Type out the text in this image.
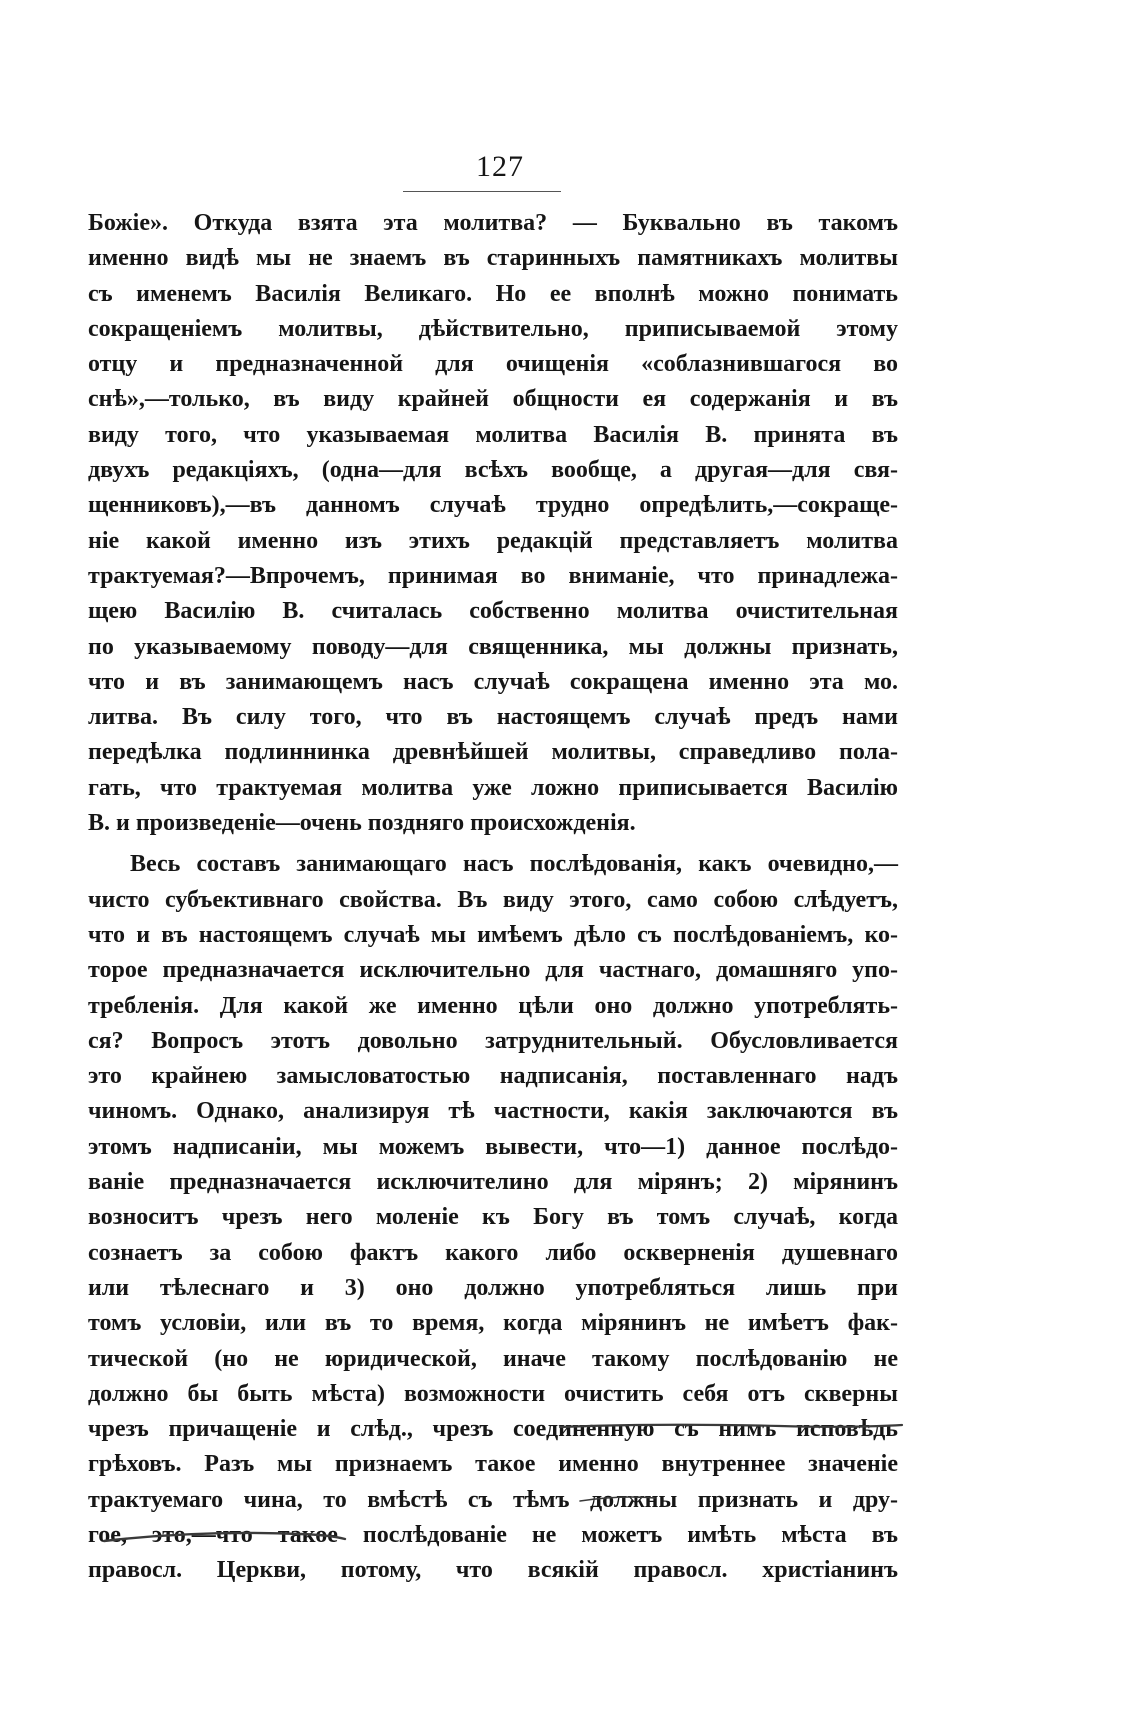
127
Божіе». Откуда взята эта молитва? — Буквально въ такомъ
именно видѣ мы не знаемъ въ старинныхъ памятникахъ молитвы
съ именемъ Василія Великаго. Но ее вполнѣ можно понимать
сокращеніемъ молитвы, дѣйствительно, приписываемой этому
отцу и предназначенной для очищенія «соблазнившагося во
снѣ»,—только, въ виду крайней общности ея содержанія и въ
виду того, что указываемая молитва Василія В. принята въ
двухъ редакціяхъ, (одна—для всѣхъ вообще, а другая—для свя-
щенниковъ),—въ данномъ случаѣ трудно опредѣлить,—сокраще-
ніе какой именно изъ этихъ редакцій представляетъ молитва
трактуемая?—Впрочемъ, принимая во вниманіе, что принадлежа-
щею Василію В. считалась собственно молитва очистительная
по указываемому поводу—для священника, мы должны признать,
что и въ занимающемъ насъ случаѣ сокращена именно эта мо.
литва. Въ силу того, что въ настоящемъ случаѣ предъ нами
передѣлка подлиннинка древнѣйшей молитвы, справедливо пола-
гать, что трактуемая молитва уже ложно приписывается Василію
В. и произведеніе—очень поздняго происхожденія.
Весь составъ занимающаго насъ послѣдованія, какъ очевидно,—
чисто субъективнаго свойства. Въ виду этого, само собою слѣдуетъ,
что и въ настоящемъ случаѣ мы имѣемъ дѣло съ послѣдованіемъ, ко-
торое предназначается исключительно для частнаго, домашняго упо-
требленія. Для какой же именно цѣли оно должно употреблять-
ся? Вопросъ этотъ довольно затруднительный. Обусловливается
это крайнею замысловатостью надписанія, поставленнаго надъ
чиномъ. Однако, анализируя тѣ частности, какія заключаются въ
этомъ надписаніи, мы можемъ вывести, что—1) данное послѣдо-
ваніе предназначается исключителино для мірянъ; 2) мірянинъ
возноситъ чрезъ него моленіе къ Богу въ томъ случаѣ, когда
сознаетъ за собою фактъ какого либо оскверненія душевнаго
или тѣлеснаго и 3) оно должно употребляться лишь при
томъ условіи, или въ то время, когда мірянинъ не имѣетъ фак-
тической (но не юридической, иначе такому послѣдованію не
должно бы быть мѣста) возможности очистить себя отъ скверны
чрезъ причащеніе и слѣд., чрезъ соединенную съ нимъ исповѣдь
грѣховъ. Разъ мы признаемъ такое именно внутреннее значеніе
трактуемаго чина, то вмѣстѣ съ тѣмъ должны признать и дру-
гое, это,—что такое послѣдованіе не можетъ имѣть мѣста въ
правосл. Церкви, потому, что всякій правосл. христіанинъ
